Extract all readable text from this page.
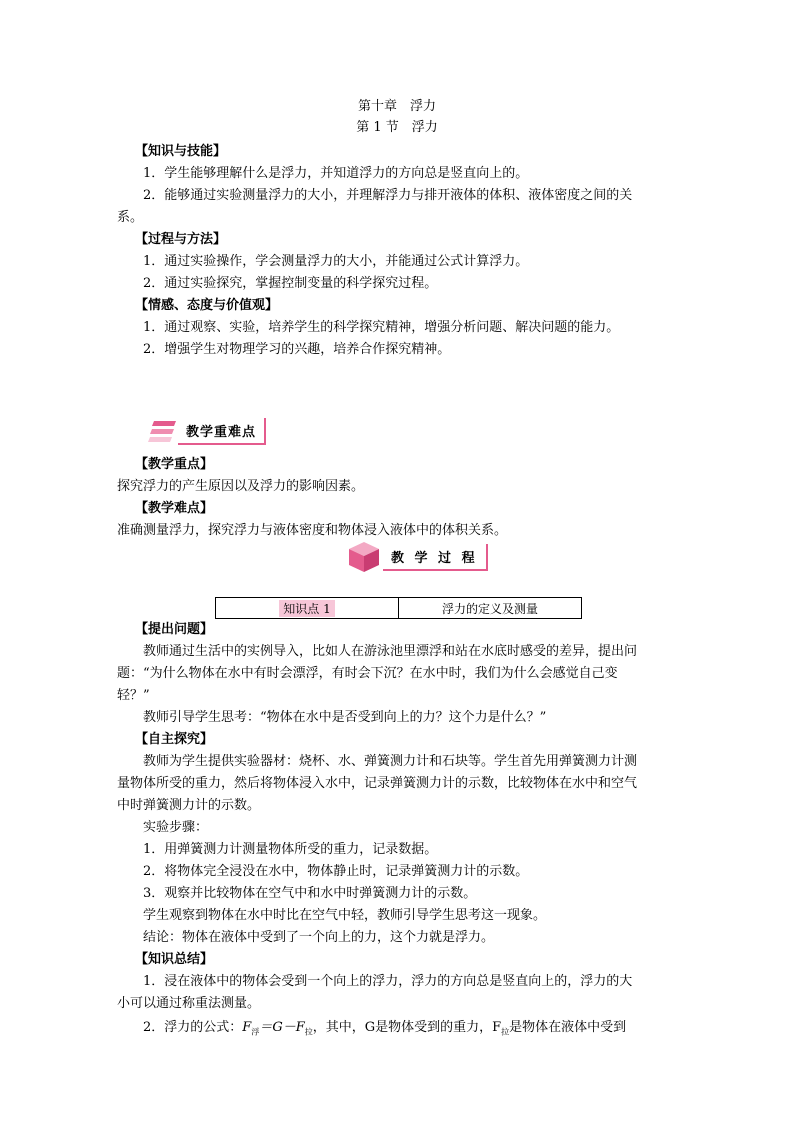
第十章　浮力
第 1 节　浮力
【知识与技能】
1．学生能够理解什么是浮力，并知道浮力的方向总是竖直向上的。
2．能够通过实验测量浮力的大小，并理解浮力与排开液体的体积、液体密度之间的关
系。
【过程与方法】
1．通过实验操作，学会测量浮力的大小，并能通过公式计算浮力。
2．通过实验探究，掌握控制变量的科学探究过程。
【情感、态度与价值观】
1．通过观察、实验，培养学生的科学探究精神，增强分析问题、解决问题的能力。
2．增强学生对物理学习的兴趣，培养合作探究精神。
教学重难点
【教学重点】
探究浮力的产生原因以及浮力的影响因素。
【教学难点】
准确测量浮力，探究浮力与液体密度和物体浸入液体中的体积关系。
教 学 过 程
知识点 1	浮力的定义及测量
【提出问题】
教师通过生活中的实例导入，比如人在游泳池里漂浮和站在水底时感受的差异，提出问
题：“为什么物体在水中有时会漂浮，有时会下沉？在水中时，我们为什么会感觉自己变
轻？”
教师引导学生思考：“物体在水中是否受到向上的力？这个力是什么？”
【自主探究】
教师为学生提供实验器材：烧杯、水、弹簧测力计和石块等。学生首先用弹簧测力计测
量物体所受的重力，然后将物体浸入水中，记录弹簧测力计的示数，比较物体在水中和空气
中时弹簧测力计的示数。
实验步骤：
1．用弹簧测力计测量物体所受的重力，记录数据。
2．将物体完全浸没在水中，物体静止时，记录弹簧测力计的示数。
3．观察并比较物体在空气中和水中时弹簧测力计的示数。
学生观察到物体在水中时比在空气中轻，教师引导学生思考这一现象。
结论：物体在液体中受到了一个向上的力，这个力就是浮力。
【知识总结】
1．浸在液体中的物体会受到一个向上的浮力，浮力的方向总是竖直向上的，浮力的大
小可以通过称重法测量。
2．浮力的公式：$F_浮=G-F_拉$，其中，G是物体受到的重力，$F_拉$是物体在液体中受到
